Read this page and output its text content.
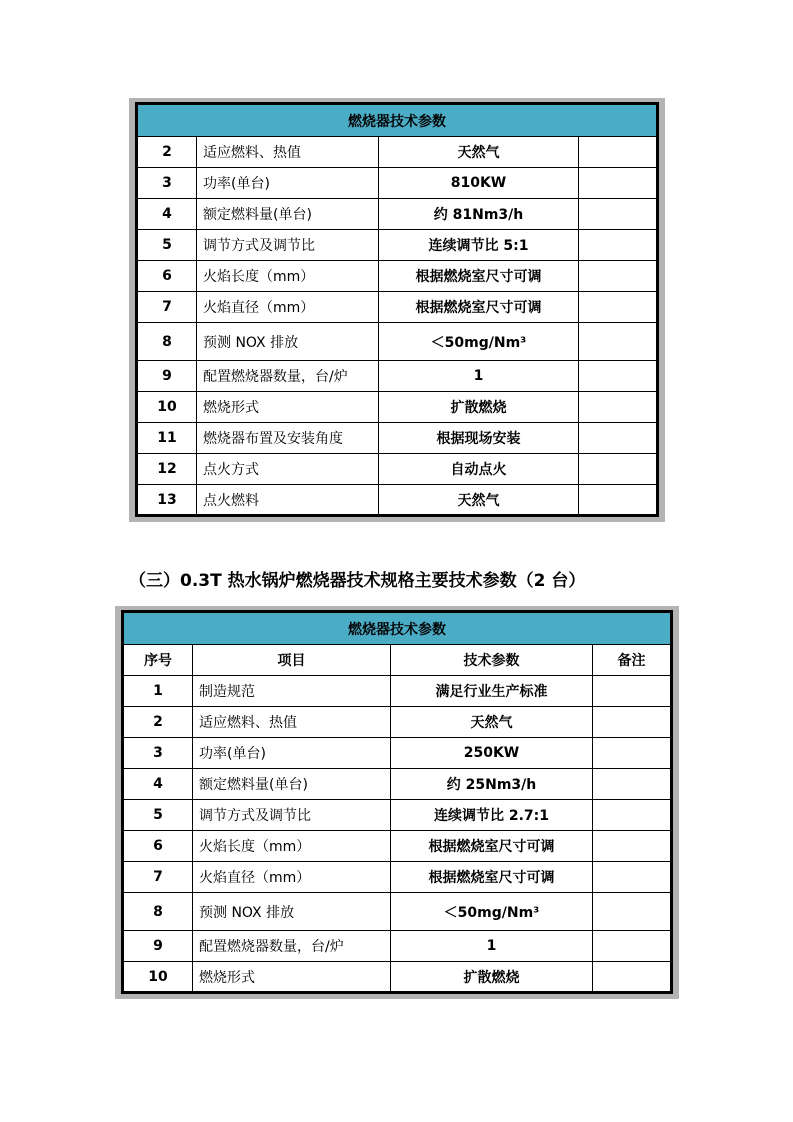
燃烧器技术参数			
2	适应燃料、热值	天然气	
3	功率(单台)	810KW	
4	额定燃料量(单台)	约 81Nm3/h	
5	调节方式及调节比	连续调节比 5:1	
6	火焰长度（mm）	根据燃烧室尺寸可调	
7	火焰直径（mm）	根据燃烧室尺寸可调	
8	预测 NOX 排放	＜50mg/Nm³	
9	配置燃烧器数量，台/炉	1	
10	燃烧形式	扩散燃烧	
11	燃烧器布置及安装角度	根据现场安装	
12	点火方式	自动点火	
13	点火燃料	天然气	
（三）0.3T 热水锅炉燃烧器技术规格主要技术参数（2 台）
燃烧器技术参数			
序号	项目	技术参数	备注
1	制造规范	满足行业生产标准	
2	适应燃料、热值	天然气	
3	功率(单台)	250KW	
4	额定燃料量(单台)	约 25Nm3/h	
5	调节方式及调节比	连续调节比 2.7:1	
6	火焰长度（mm）	根据燃烧室尺寸可调	
7	火焰直径（mm）	根据燃烧室尺寸可调	
8	预测 NOX 排放	＜50mg/Nm³	
9	配置燃烧器数量，台/炉	1	
10	燃烧形式	扩散燃烧	
